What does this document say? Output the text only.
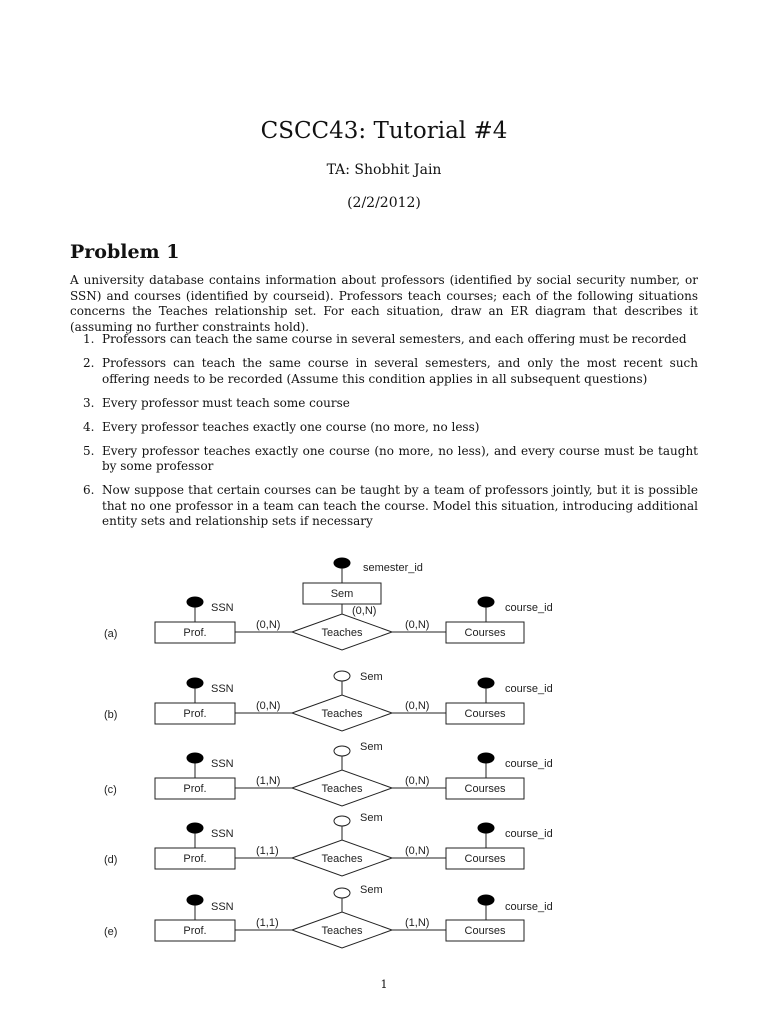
CSCC43: Tutorial #4
TA: Shobhit Jain
(2/2/2012)
Problem 1

A university database contains information about professors (identified by social security number, or SSN) and courses (identified by courseid). Professors teach courses; each of the following situations concerns the Teaches relationship set. For each situation, draw an ER diagram that describes it (assuming no further constraints hold).

1. Professors can teach the same course in several semesters, and each offering must be recorded
2. Professors can teach the same course in several semesters, and only the most recent such offering needs to be recorded (Assume this condition applies in all subsequent questions)
3. Every professor must teach some course
4. Every professor teaches exactly one course (no more, no less)
5. Every professor teaches exactly one course (no more, no less), and every course must be taught by some professor
6. Now suppose that certain courses can be taught by a team of professors jointly, but it is possible that no one professor in a team can teach the course. Model this situation, introducing additional entity sets and relationship sets if necessary
(a)
SSN
Prof.
(0,N)
Teaches
(0,N)
Courses
course_id
semester_id
Sem
(0,N)
(b)
SSN
Prof.
(0,N)
Teaches
(0,N)
Courses
course_id
Sem
(c)
SSN
Prof.
(1,N)
Teaches
(0,N)
Courses
course_id
Sem
(d)
SSN
Prof.
(1,1)
Teaches
(0,N)
Courses
course_id
Sem
(e)
SSN
Prof.
(1,1)
Teaches
(1,N)
Courses
course_id
Sem
1
